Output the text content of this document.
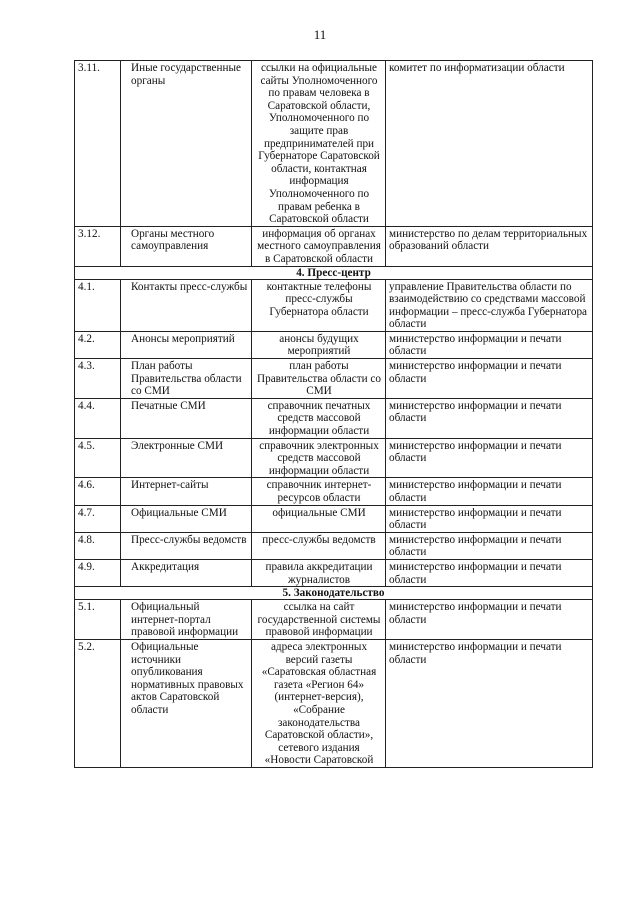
11
3.11.	Иные государственные органы	ссылки на официальные сайты Уполномоченного по правам человека в Саратовской области, Уполномоченного по защите прав предпринимателей при Губернаторе Саратовской области, контактная информация Уполномоченного по правам ребенка в Саратовской области	комитет по информатизации области
3.12.	Органы местного самоуправления	информация об органах местного самоуправления в Саратовской области	министерство по делам территориальных образований области
4. Пресс-центр			
4.1.	Контакты пресс-службы	контактные телефоны пресс-службы Губернатора области	управление Правительства области по взаимодействию со средствами массовой информации – пресс-служба Губернатора области
4.2.	Анонсы мероприятий	анонсы будущих мероприятий	министерство информации и печати области
4.3.	План работы Правительства области со СМИ	план работы Правительства области со СМИ	министерство информации и печати области
4.4.	Печатные СМИ	справочник печатных средств массовой информации области	министерство информации и печати области
4.5.	Электронные СМИ	справочник электронных средств массовой информации области	министерство информации и печати области
4.6.	Интернет-сайты	справочник интернет-ресурсов области	министерство информации и печати области
4.7.	Официальные СМИ	официальные СМИ	министерство информации и печати области
4.8.	Пресс-службы ведомств	пресс-службы ведомств	министерство информации и печати области
4.9.	Аккредитация	правила аккредитации журналистов	министерство информации и печати области
5. Законодательство			
5.1.	Официальный интернет-портал правовой информации	ссылка на сайт государственной системы правовой информации	министерство информации и печати области
5.2.	Официальные источники опубликования нормативных правовых актов Саратовской области	адреса электронных версий газеты «Саратовская областная газета «Регион 64» (интернет-версия), «Собрание законодательства Саратовской области», сетевого издания «Новости Саратовской	министерство информации и печати области
